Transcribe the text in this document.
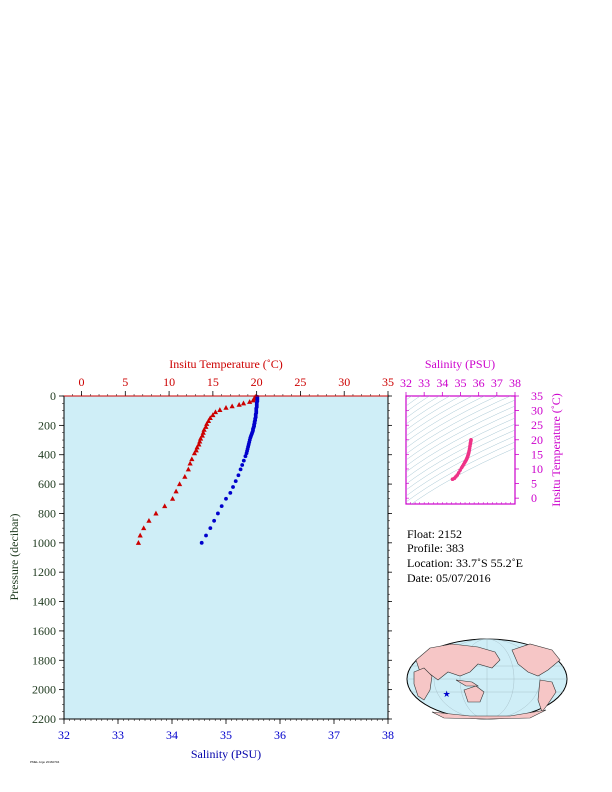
0	5	10	15	20	25	30	35
32	33	34	35	36	37	38
0
200
400
600
800
1000
1200
1400
1600
1800
2000
2200
Insitu Temperature (˚C)
Salinity (PSU)
Pressure (decibar)
32 33 34 35 36 37 38
0
5
10
15
20
25
30
35
Salinity (PSU)
Insitu Temperature (˚C)
Float: 2152
Profile: 383
Location: 33.7˚S 55.2˚E
Date: 05/07/2016
★
PMEL Argo 20160704
